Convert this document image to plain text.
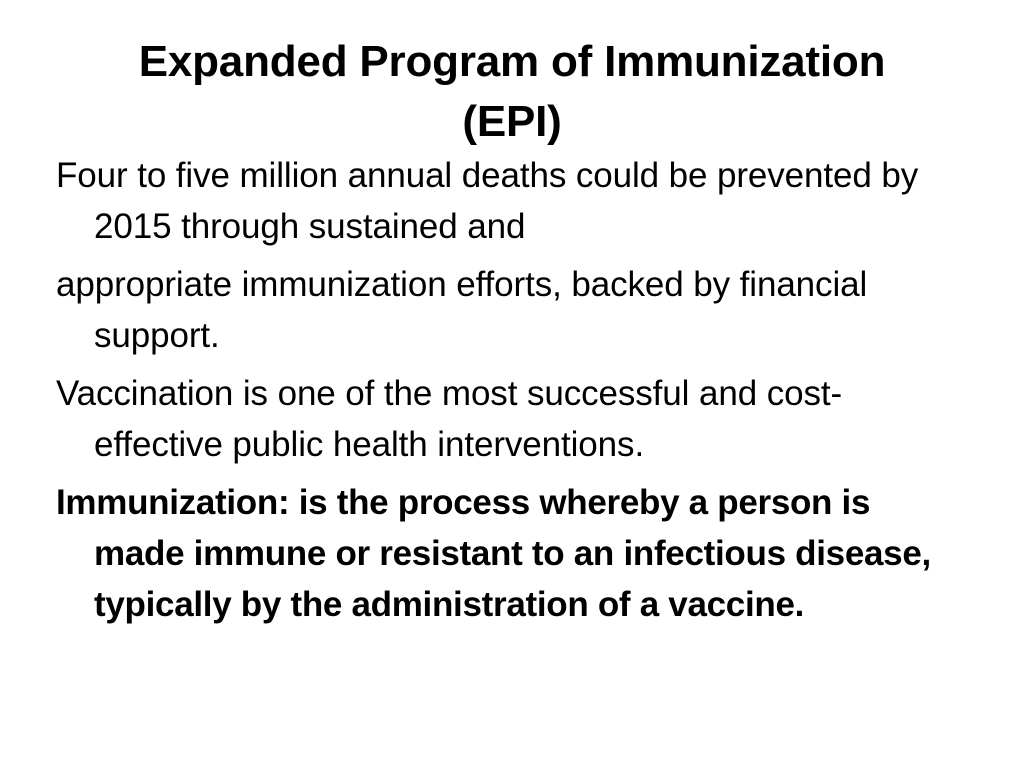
Expanded Program of Immunization
(EPI)

Four to five million annual deaths could be prevented by 2015 through sustained and

appropriate immunization efforts, backed by financial support.

Vaccination is one of the most successful and cost-effective public health interventions.

Immunization: is the process whereby a person is made immune or resistant to an infectious disease, typically by the administration of a vaccine.
